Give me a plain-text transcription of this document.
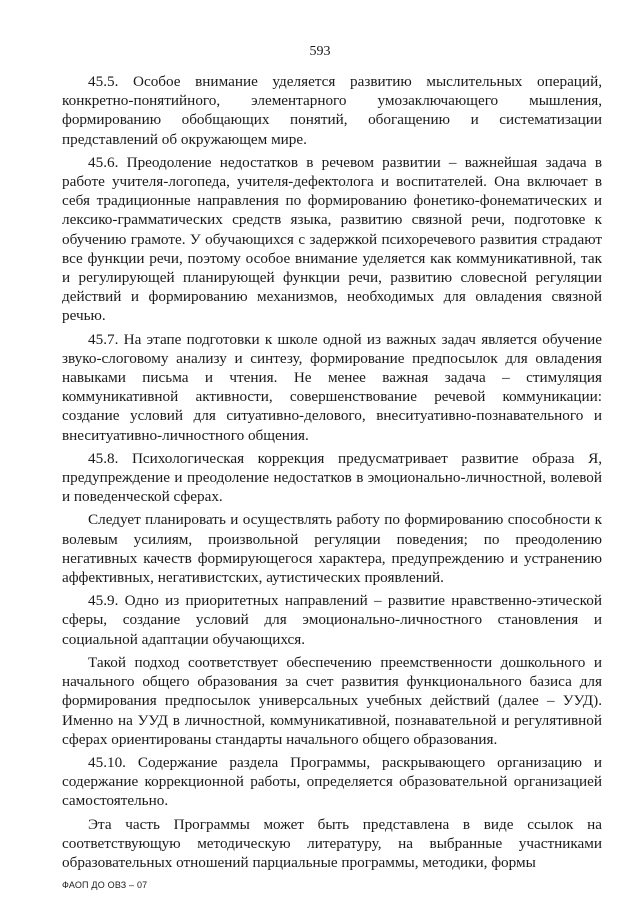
593

45.5. Особое внимание уделяется развитию мыслительных операций, конкретно-понятийного, элементарного умозаключающего мышления, формированию обобщающих понятий, обогащению и систематизации представлений об окружающем мире.

45.6. Преодоление недостатков в речевом развитии – важнейшая задача в работе учителя-логопеда, учителя-дефектолога и воспитателей. Она включает в себя традиционные направления по формированию фонетико-фонематических и лексико-грамматических средств языка, развитию связной речи, подготовке к обучению грамоте. У обучающихся с задержкой психоречевого развития страдают все функции речи, поэтому особое внимание уделяется как коммуникативной, так и регулирующей планирующей функции речи, развитию словесной регуляции действий и формированию механизмов, необходимых для овладения связной речью.

45.7. На этапе подготовки к школе одной из важных задач является обучение звуко-слоговому анализу и синтезу, формирование предпосылок для овладения навыками письма и чтения. Не менее важная задача – стимуляция коммуникативной активности, совершенствование речевой коммуникации: создание условий для ситуативно-делового, внеситуативно-познавательного и внеситуативно-личностного общения.

45.8. Психологическая коррекция предусматривает развитие образа Я, предупреждение и преодоление недостатков в эмоционально-личностной, волевой и поведенческой сферах.

Следует планировать и осуществлять работу по формированию способности к волевым усилиям, произвольной регуляции поведения; по преодолению негативных качеств формирующегося характера, предупреждению и устранению аффективных, негативистских, аутистических проявлений.

45.9. Одно из приоритетных направлений – развитие нравственно-этической сферы, создание условий для эмоционально-личностного становления и социальной адаптации обучающихся.

Такой подход соответствует обеспечению преемственности дошкольного и начального общего образования за счет развития функционального базиса для формирования предпосылок универсальных учебных действий (далее – УУД). Именно на УУД в личностной, коммуникативной, познавательной и регулятивной сферах ориентированы стандарты начального общего образования.

45.10. Содержание раздела Программы, раскрывающего организацию и содержание коррекционной работы, определяется образовательной организацией самостоятельно.

Эта часть Программы может быть представлена в виде ссылок на соответствующую методическую литературу, на выбранные участниками образовательных отношений парциальные программы, методики, формы

ФАОП ДО ОВЗ – 07
